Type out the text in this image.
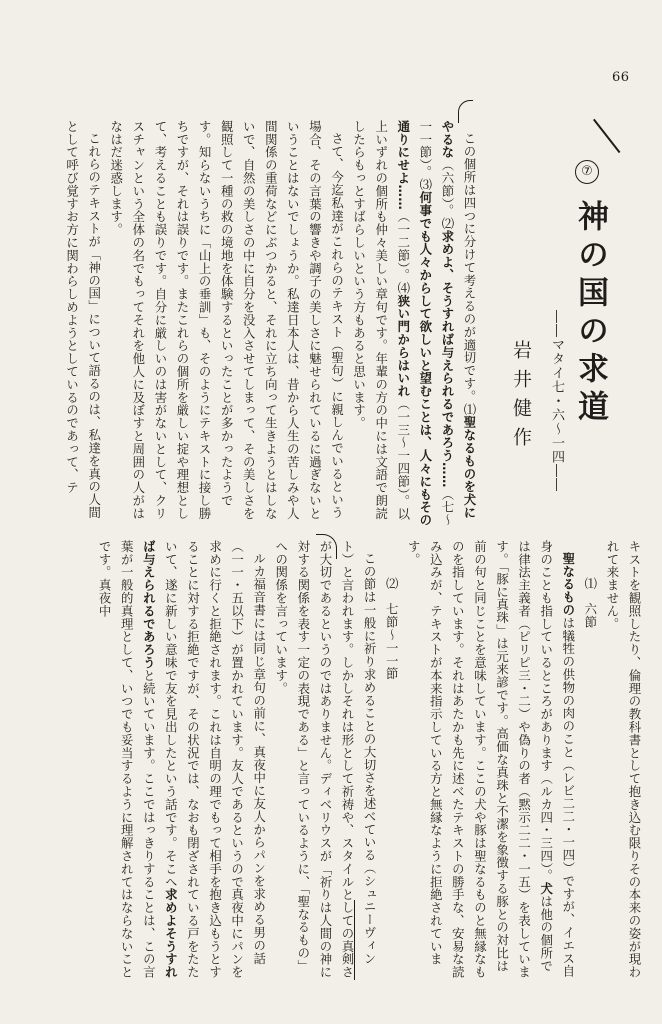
66
⑦
神の国の求道
――マタイ七・六〜一四――
岩井健作

この個所は四つに分けて考えるのが適切です。⑴聖なるものを犬にやるな（六節）。⑵求めよ、そうすれば与えられるであろう……（七〜一一節）。⑶何事でも人々からして欲しいと望むことは、人々にもその通りにせよ……（一二節）。⑷狭い門からはいれ（一三〜一四節）。以上いずれの個所も仲々美しい章句です。年輩の方の中には文語で朗読したらもっとすばらしいという方もあると思います。

さて、今迄私達がこれらのテキスト（聖句）に親しんでいるという場合、その言葉の響きや調子の美しさに魅せられているに過ぎないということはないでしょうか。私達日本人は、昔から人生の苦しみや人間関係の重荷などにぶつかると、それに立ち向って生きようとはしないで、自然の美しさの中に自分を没入させてしまって、その美しさを観照して一種の救の境地を体験するといったことが多かったようです。知らないうちに「山上の垂訓」も、そのようにテキストに接し勝ちですが、それは誤りです。またこれらの個所を厳しい掟や理想として、考えることも誤りです。自分に厳しいのは害がないとして、クリスチャンという全体の名でもってそれを他人に及ぼすと周囲の人がはなはだ迷惑します。

これらのテキストが「神の国」について語るのは、私達を真の人間として呼び覚すお方に関わらしめようとしているのであって、テ

キストを観照したり、倫理の教科書として抱き込む限りその本来の姿が現われて来ません。

⑴　六節

聖なるものは犠牲の供物の肉のこと（レビ二二・一四）ですが、イエス自身のことも指しているところがあります（ルカ四・三四）。犬は他の個所では律法主義者（ピリピ三・二）や偽りの者（黙示二二・一五）を表しています。「豚に真珠」は元来諺です。高価な真珠と不潔を象徴する豚との対比は前の句と同じことを意味しています。ここの犬や豚は聖なるものと無縁なものを指しています。それはあたかも先に述べたテキストの勝手な、安易な読み込みが、テキストが本来指示している方と無縁なように拒絶されています。

⑵　七節〜一一節

この節は一般に祈り求めることの大切さを述べている（シュニーヴィント）と言われます。しかしそれは形として祈祷や、スタイルとしての真剣さが大切であるというのではありません。ディベリウスが「祈りは人間の神に対する関係を表す一定の表現である」と言っているように、「聖なるもの」への関係を言っています。

ルカ福音書には同じ章句の前に、真夜中に友人からパンを求める男の話（一一・五以下）が置かれています。友人であるというので真夜中にパンを求めに行くと拒絶されます。これは自明の理でもって相手を抱き込もうとすることに対する拒絶ですが、その状況では、なおも閉ざされている戸をたたいて、遂に新しい意味で友を見出したという話です。そこへ求めよそうすれば与えられるであろうと続いています。ここではっきりすることは、この言葉が一般的真理として、いつでも妥当するように理解されてはならないことです。真夜中
